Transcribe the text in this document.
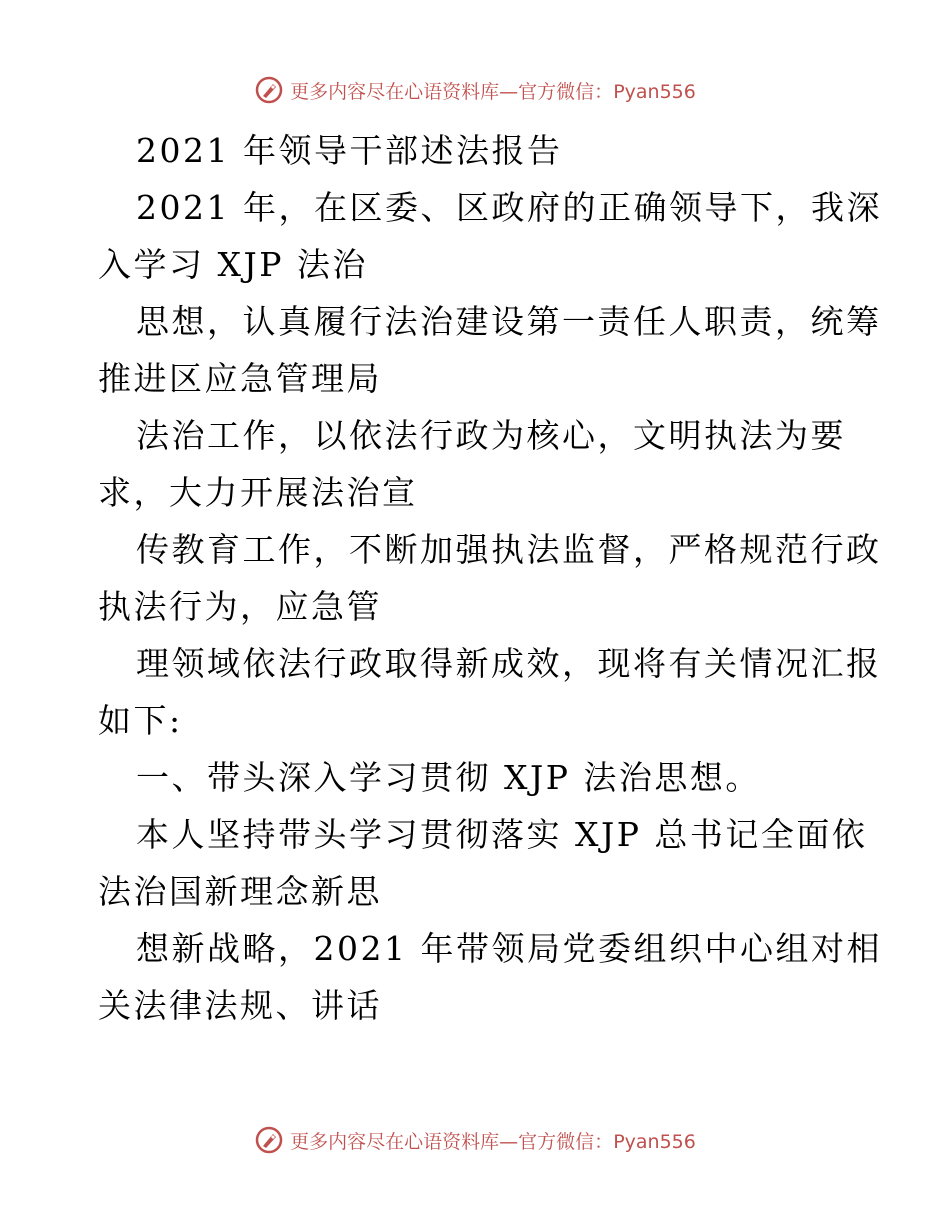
更多内容尽在心语资料库—官方微信：Pyan556

2021 年领导干部述法报告

2021 年，在区委、区政府的正确领导下，我深

入学习 XJP 法治

思想，认真履行法治建设第一责任人职责，统筹

推进区应急管理局

法治工作，以依法行政为核心，文明执法为要

求，大力开展法治宣

传教育工作，不断加强执法监督，严格规范行政

执法行为，应急管

理领域依法行政取得新成效，现将有关情况汇报

如下:

一、带头深入学习贯彻 XJP 法治思想。

本人坚持带头学习贯彻落实 XJP 总书记全面依

法治国新理念新思

想新战略，2021 年带领局党委组织中心组对相

关法律法规、讲话

更多内容尽在心语资料库—官方微信：Pyan556
